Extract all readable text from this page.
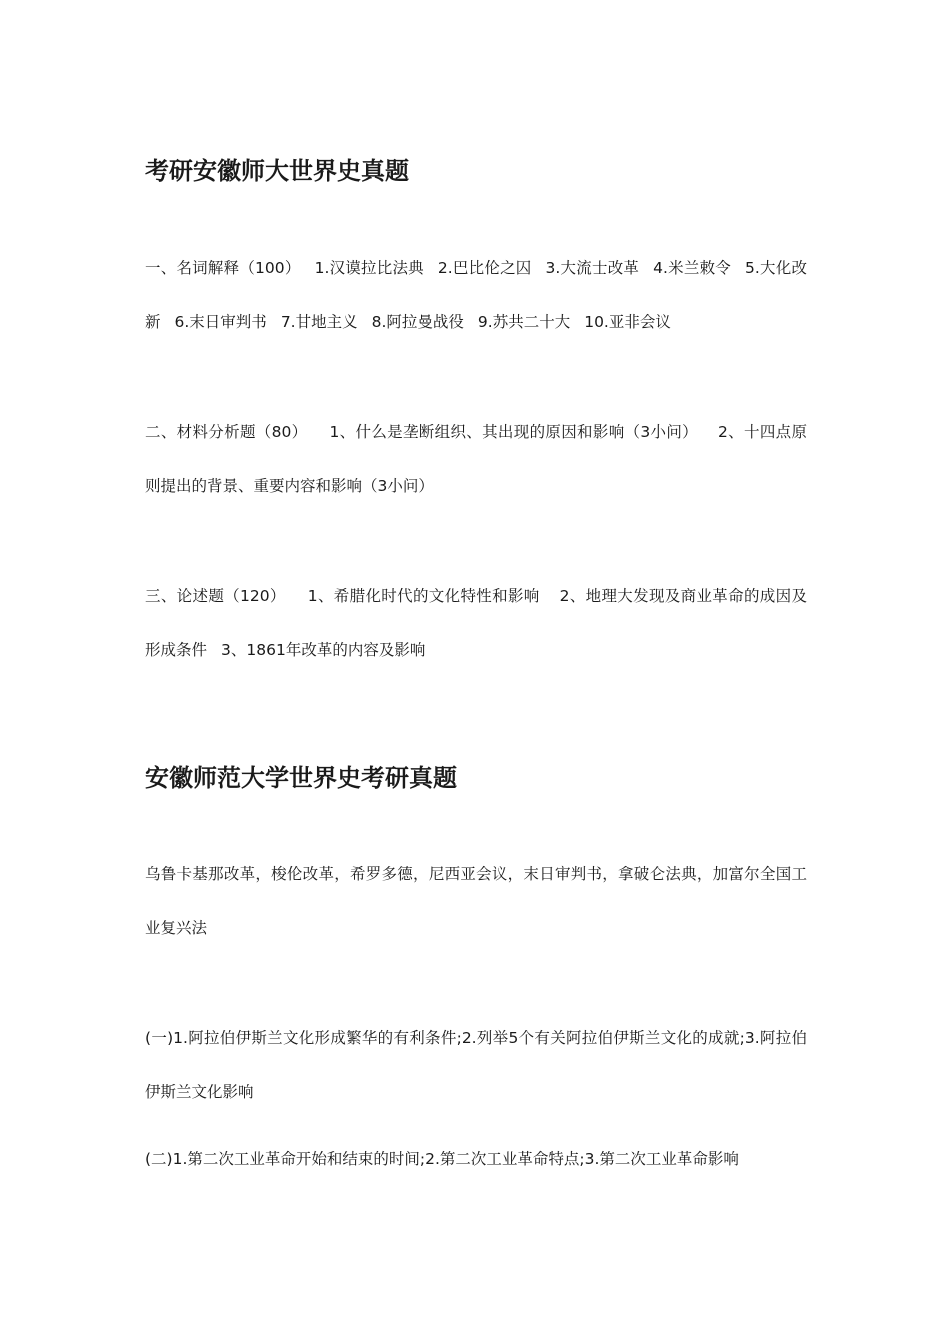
考研安徽师大世界史真题

一、名词解释（100） 1.汉谟拉比法典 2.巴比伦之囚 3.大流士改革 4.米兰敕令 5.大化改新 6.末日审判书 7.甘地主义 8.阿拉曼战役 9.苏共二十大 10.亚非会议

二、材料分析题（80） 1、什么是垄断组织、其出现的原因和影响（3小问） 2、十四点原则提出的背景、重要内容和影响（3小问）

三、论述题（120） 1、希腊化时代的文化特性和影响 2、地理大发现及商业革命的成因及形成条件 3、1861年改革的内容及影响

安徽师范大学世界史考研真题

乌鲁卡基那改革，梭伦改革，希罗多德，尼西亚会议，末日审判书，拿破仑法典，加富尔全国工业复兴法

(一)1.阿拉伯伊斯兰文化形成繁华的有利条件;2.列举5个有关阿拉伯伊斯兰文化的成就;3.阿拉伯伊斯兰文化影响

(二)1.第二次工业革命开始和结束的时间;2.第二次工业革命特点;3.第二次工业革命影响
